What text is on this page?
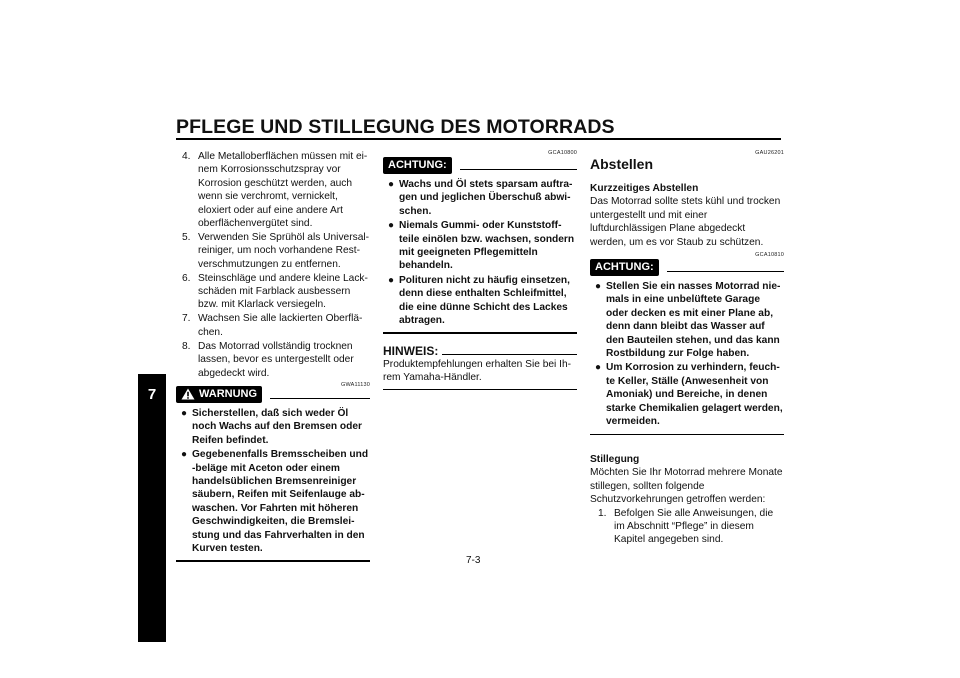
PFLEGE UND STILLEGUNG DES MOTORRADS
7
4. Alle Metalloberflächen müssen mit einem Korrosionsschutzspray vor Korrosion geschützt werden, auch wenn sie verchromt, vernickelt, eloxiert oder auf eine andere Art oberflächenvergütet sind.
5. Verwenden Sie Sprühöl als Universalreiniger, um noch vorhandene Restverschmutzungen zu entfernen.
6. Steinschläge und andere kleine Lackschäden mit Farblack ausbessern bzw. mit Klarlack versiegeln.
7. Wachsen Sie alle lackierten Oberflächen.
8. Das Motorrad vollständig trocknen lassen, bevor es untergestellt oder abgedeckt wird.
GWA11130
WARNUNG
● Sicherstellen, daß sich weder Öl noch Wachs auf den Bremsen oder Reifen befindet.
● Gegebenenfalls Bremsscheiben und -beläge mit Aceton oder einem handelsüblichen Bremsenreiniger säubern, Reifen mit Seifenlauge abwaschen. Vor Fahrten mit höheren Geschwindigkeiten, die Bremsleistung und das Fahrverhalten in den Kurven testen.
GCA10800
ACHTUNG:
● Wachs und Öl stets sparsam auftragen und jeglichen Überschuß abwischen.
● Niemals Gummi- oder Kunststoffteile einölen bzw. wachsen, sondern mit geeigneten Pflegemitteln behandeln.
● Polituren nicht zu häufig einsetzen, denn diese enthalten Schleifmittel, die eine dünne Schicht des Lackes abtragen.
HINWEIS:

Produktempfehlungen erhalten Sie bei Ihrem Yamaha-Händler.

GAU26201
Abstellen
Kurzzeitiges Abstellen

Das Motorrad sollte stets kühl und trocken untergestellt und mit einer luftdurchlässigen Plane abgedeckt werden, um es vor Staub zu schützen.

GCA10810
ACHTUNG:
● Stellen Sie ein nasses Motorrad niemals in eine unbelüftete Garage oder decken es mit einer Plane ab, denn dann bleibt das Wasser auf den Bauteilen stehen, und das kann Rostbildung zur Folge haben.
● Um Korrosion zu verhindern, feuchte Keller, Ställe (Anwesenheit von Amoniak) und Bereiche, in denen starke Chemikalien gelagert werden, vermeiden.
Stillegung

Möchten Sie Ihr Motorrad mehrere Monate stillegen, sollten folgende Schutzvorkehrungen getroffen werden:

1. Befolgen Sie alle Anweisungen, die im Abschnitt “Pflege” in diesem Kapitel angegeben sind.
7-3
